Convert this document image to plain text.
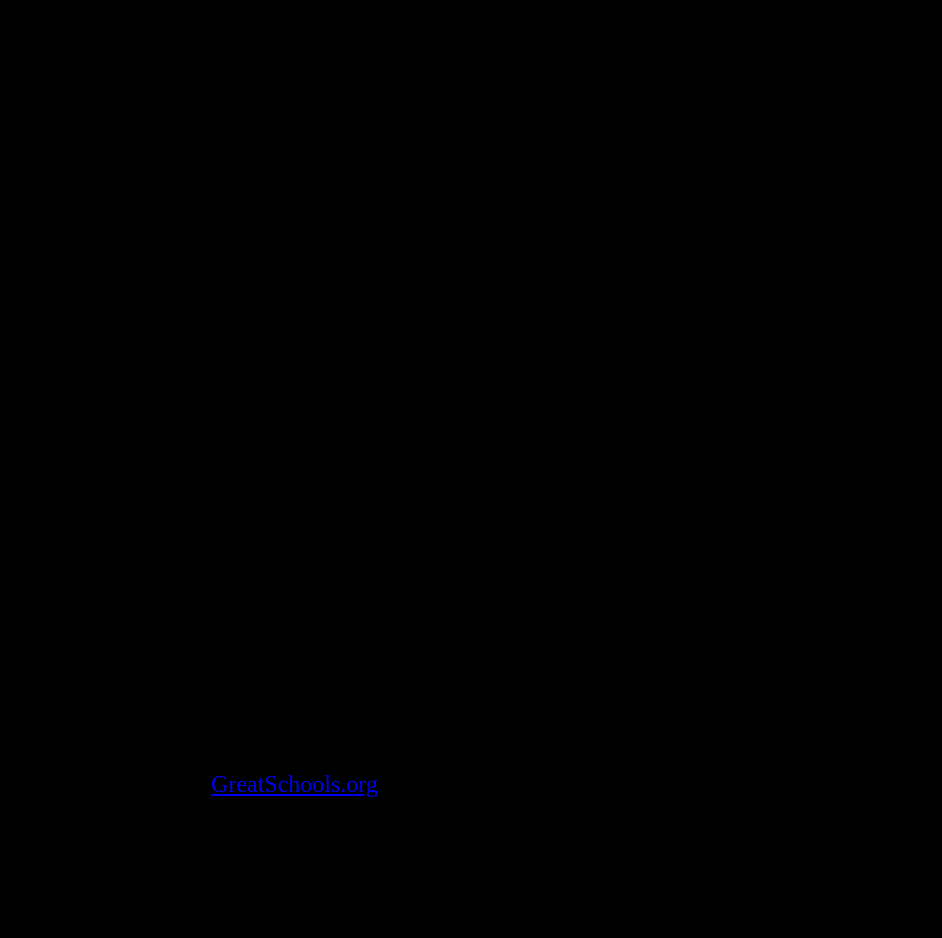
GreatSchools.org
